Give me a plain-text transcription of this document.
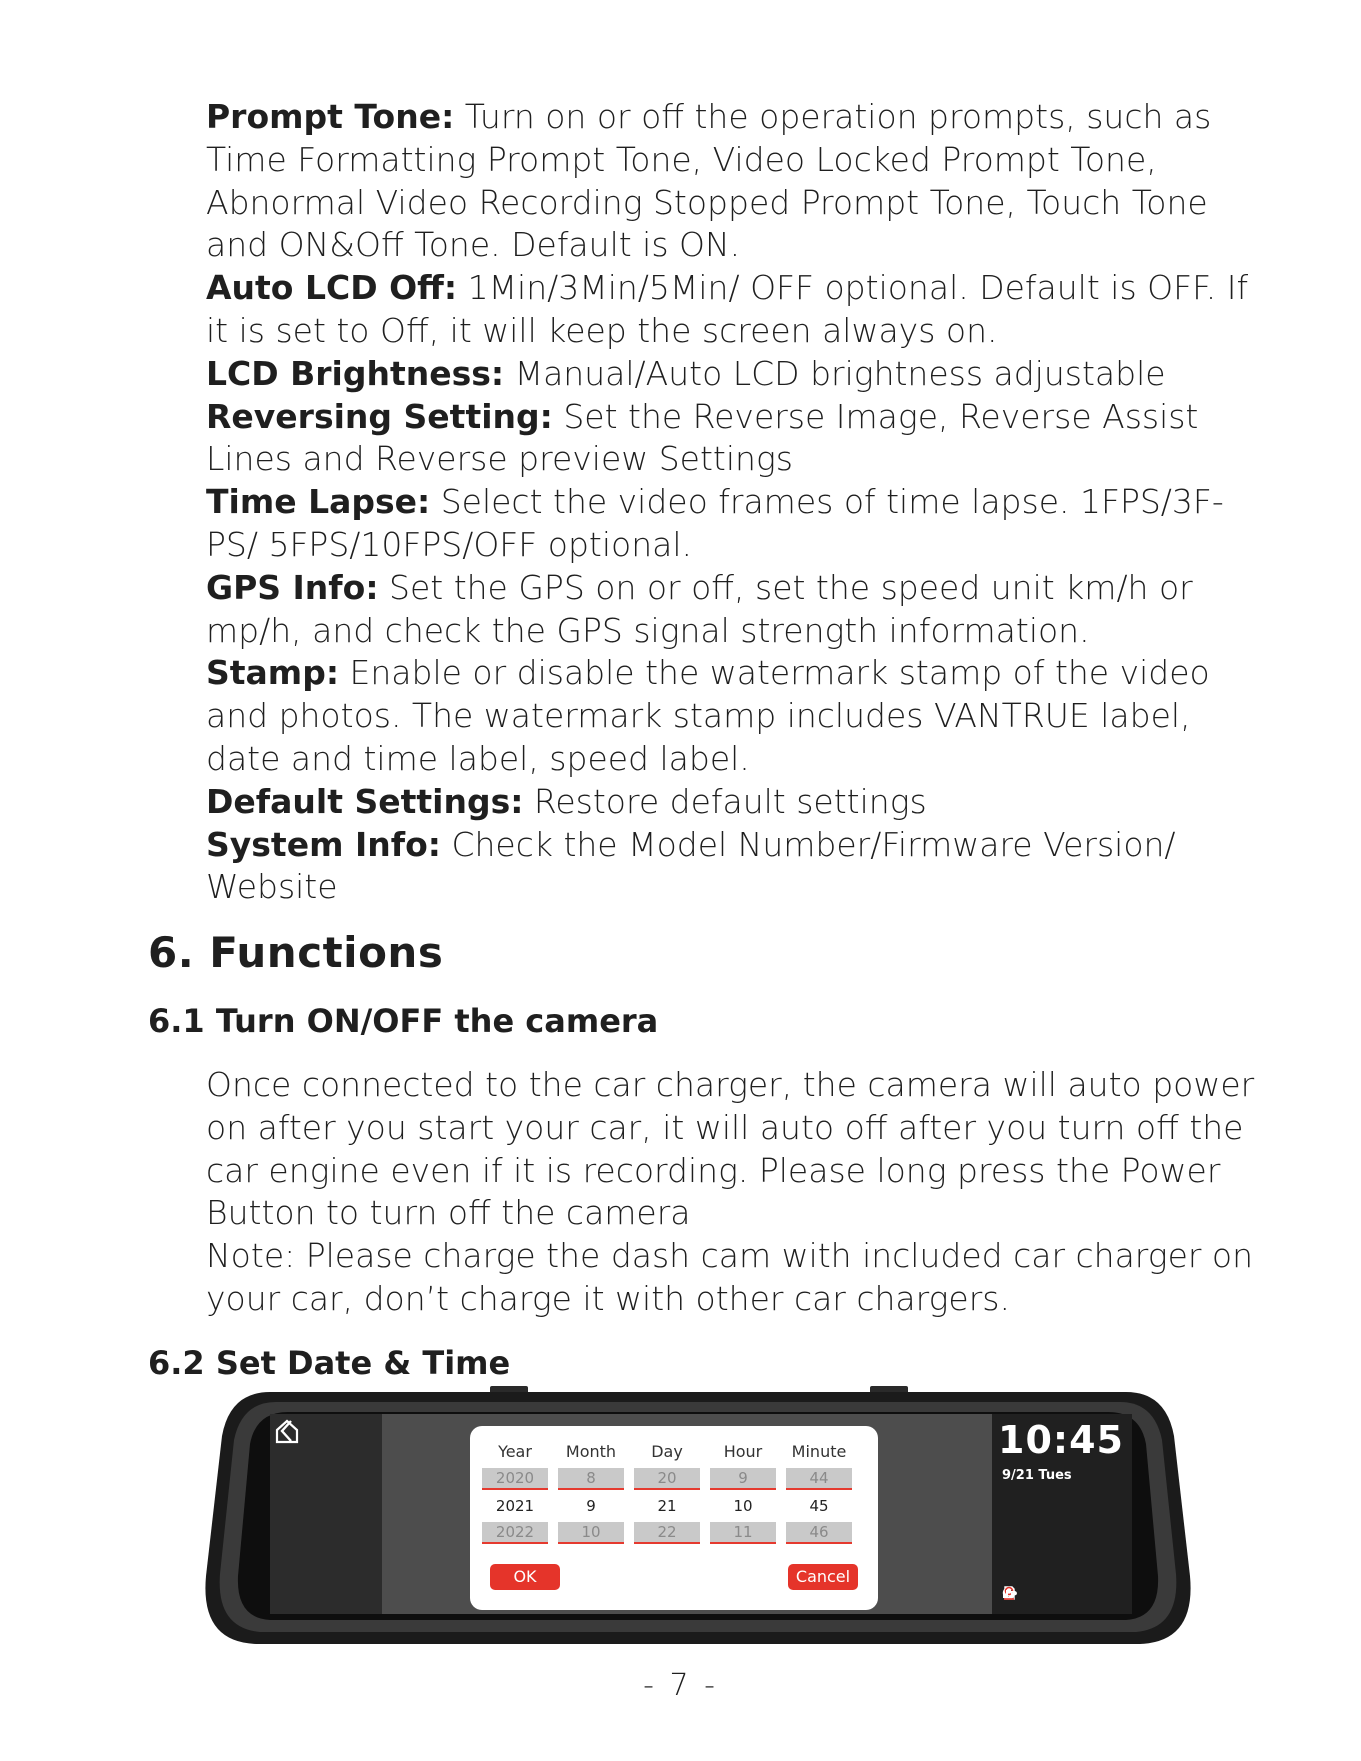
Prompt Tone: Turn on or off the operation prompts, such as Time Formatting Prompt Tone, Video Locked Prompt Tone, Abnormal Video Recording Stopped Prompt Tone, Touch Tone and ON&Off Tone. Default is ON.

Auto LCD Off: 1Min/3Min/5Min/ OFF optional. Default is OFF. If it is set to Off, it will keep the screen always on.

LCD Brightness: Manual/Auto LCD brightness adjustable

Reversing Setting: Set the Reverse Image, Reverse Assist Lines and Reverse preview Settings

Time Lapse: Select the video frames of time lapse. 1FPS/3F-PS/ 5FPS/10FPS/OFF optional.

GPS Info: Set the GPS on or off, set the speed unit km/h or mp/h, and check the GPS signal strength information.

Stamp: Enable or disable the watermark stamp of the video and photos. The watermark stamp includes VANTRUE label, date and time label, speed label.

Default Settings: Restore default settings

System Info: Check the Model Number/Firmware Version/ Website

6. Functions
6.1 Turn ON/OFF the camera

Once connected to the car charger, the camera will auto power on after you start your car, it will auto off after you turn off the car engine even if it is recording. Please long press the Power Button to turn off the camera

Note: Please charge the dash cam with included car charger on your car, don’t charge it with other car chargers.

6.2 Set Date & Time
Year
2020
2021
2022
Month
8
9
10
Day
20
21
22
Hour
9
10
11
Minute
44
45
46
OK	Cancel
10:45
9/21 Tues
P
- 7 -
